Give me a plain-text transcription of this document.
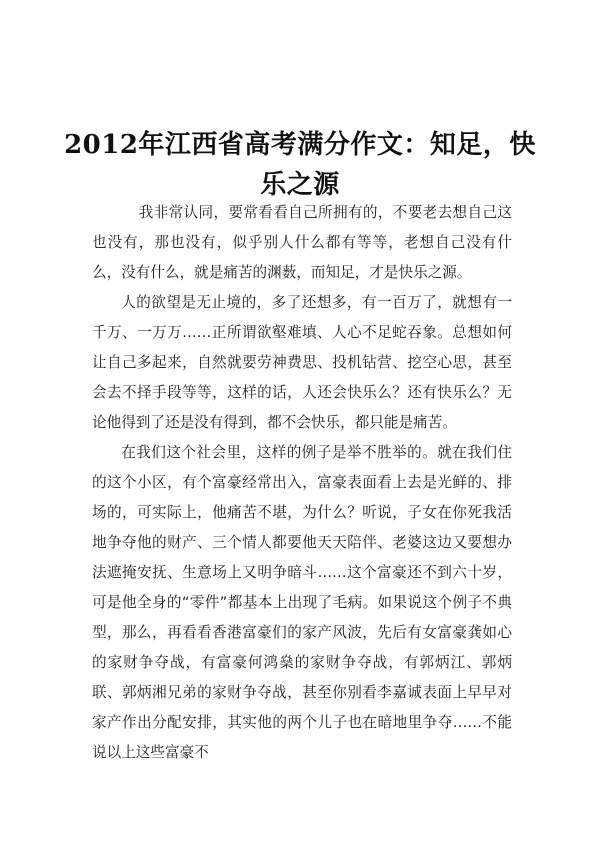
2012年江西省高考满分作文：知足，快乐之源

我非常认同，要常看看自己所拥有的，不要老去想自己这也没有，那也没有，似乎别人什么都有等等，老想自己没有什么，没有什么，就是痛苦的渊薮，而知足，才是快乐之源。

人的欲望是无止境的，多了还想多，有一百万了，就想有一千万、一万万……正所谓欲壑难填、人心不足蛇吞象。总想如何让自己多起来，自然就要劳神费思、投机钻营、挖空心思，甚至会去不择手段等等，这样的话，人还会快乐么？还有快乐么？无论他得到了还是没有得到，都不会快乐，都只能是痛苦。

在我们这个社会里，这样的例子是举不胜举的。就在我们住的这个小区，有个富豪经常出入，富豪表面看上去是光鲜的、排场的，可实际上，他痛苦不堪，为什么？听说，子女在你死我活地争夺他的财产、三个情人都要他天天陪伴、老婆这边又要想办法遮掩安抚、生意场上又明争暗斗……这个富豪还不到六十岁，可是他全身的“零件”都基本上出现了毛病。如果说这个例子不典型，那么，再看看香港富豪们的家产风波，先后有女富豪龚如心的家财争夺战，有富豪何鸿燊的家财争夺战，有郭炳江、郭炳联、郭炳湘兄弟的家财争夺战，甚至你别看李嘉诚表面上早早对家产作出分配安排，其实他的两个儿子也在暗地里争夺……不能说以上这些富豪不
